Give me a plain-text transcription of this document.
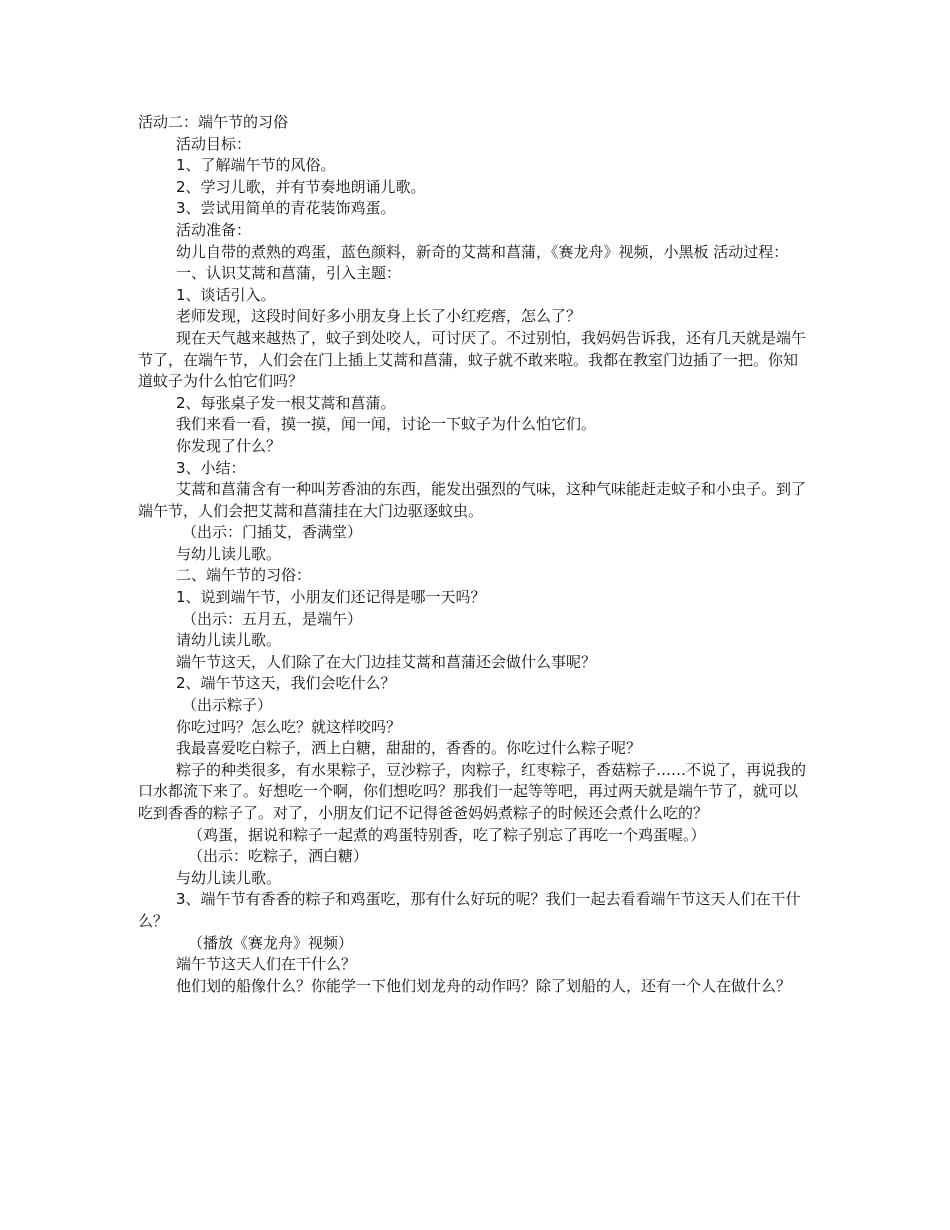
活动二：端午节的习俗

活动目标：

1、了解端午节的风俗。

2、学习儿歌，并有节奏地朗诵儿歌。

3、尝试用简单的青花装饰鸡蛋。

活动准备：

幼儿自带的煮熟的鸡蛋，蓝色颜料，新奇的艾蒿和菖蒲，《赛龙舟》视频，小黑板 活动过程：

一、认识艾蒿和菖蒲，引入主题：

1、谈话引入。

老师发现，这段时间好多小朋友身上长了小红疙瘩，怎么了？

现在天气越来越热了，蚊子到处咬人，可讨厌了。不过别怕，我妈妈告诉我，还有几天就是端午节了，在端午节，人们会在门上插上艾蒿和菖蒲，蚊子就不敢来啦。我都在教室门边插了一把。你知道蚊子为什么怕它们吗？

2、每张桌子发一根艾蒿和菖蒲。

我们来看一看，摸一摸，闻一闻，讨论一下蚊子为什么怕它们。

你发现了什么？

3、小结：

艾蒿和菖蒲含有一种叫芳香油的东西，能发出强烈的气味，这种气味能赶走蚊子和小虫子。到了端午节，人们会把艾蒿和菖蒲挂在大门边驱逐蚊虫。

（出示：门插艾，香满堂）

与幼儿读儿歌。

二、端午节的习俗：

1、说到端午节，小朋友们还记得是哪一天吗？

（出示：五月五，是端午）

请幼儿读儿歌。

端午节这天，人们除了在大门边挂艾蒿和菖蒲还会做什么事呢？

2、端午节这天，我们会吃什么？

（出示粽子）

你吃过吗？怎么吃？就这样咬吗？

我最喜爱吃白粽子，洒上白糖，甜甜的，香香的。你吃过什么粽子呢？

粽子的种类很多，有水果粽子，豆沙粽子，肉粽子，红枣粽子，香菇粽子……不说了，再说我的口水都流下来了。好想吃一个啊，你们想吃吗？那我们一起等等吧，再过两天就是端午节了，就可以吃到香香的粽子了。对了，小朋友们记不记得爸爸妈妈煮粽子的时候还会煮什么吃的？

（鸡蛋，据说和粽子一起煮的鸡蛋特别香，吃了粽子别忘了再吃一个鸡蛋喔。）

（出示：吃粽子，洒白糖）

与幼儿读儿歌。

3、端午节有香香的粽子和鸡蛋吃，那有什么好玩的呢？我们一起去看看端午节这天人们在干什么？

（播放《赛龙舟》视频）

端午节这天人们在干什么？

他们划的船像什么？你能学一下他们划龙舟的动作吗？除了划船的人，还有一个人在做什么？
